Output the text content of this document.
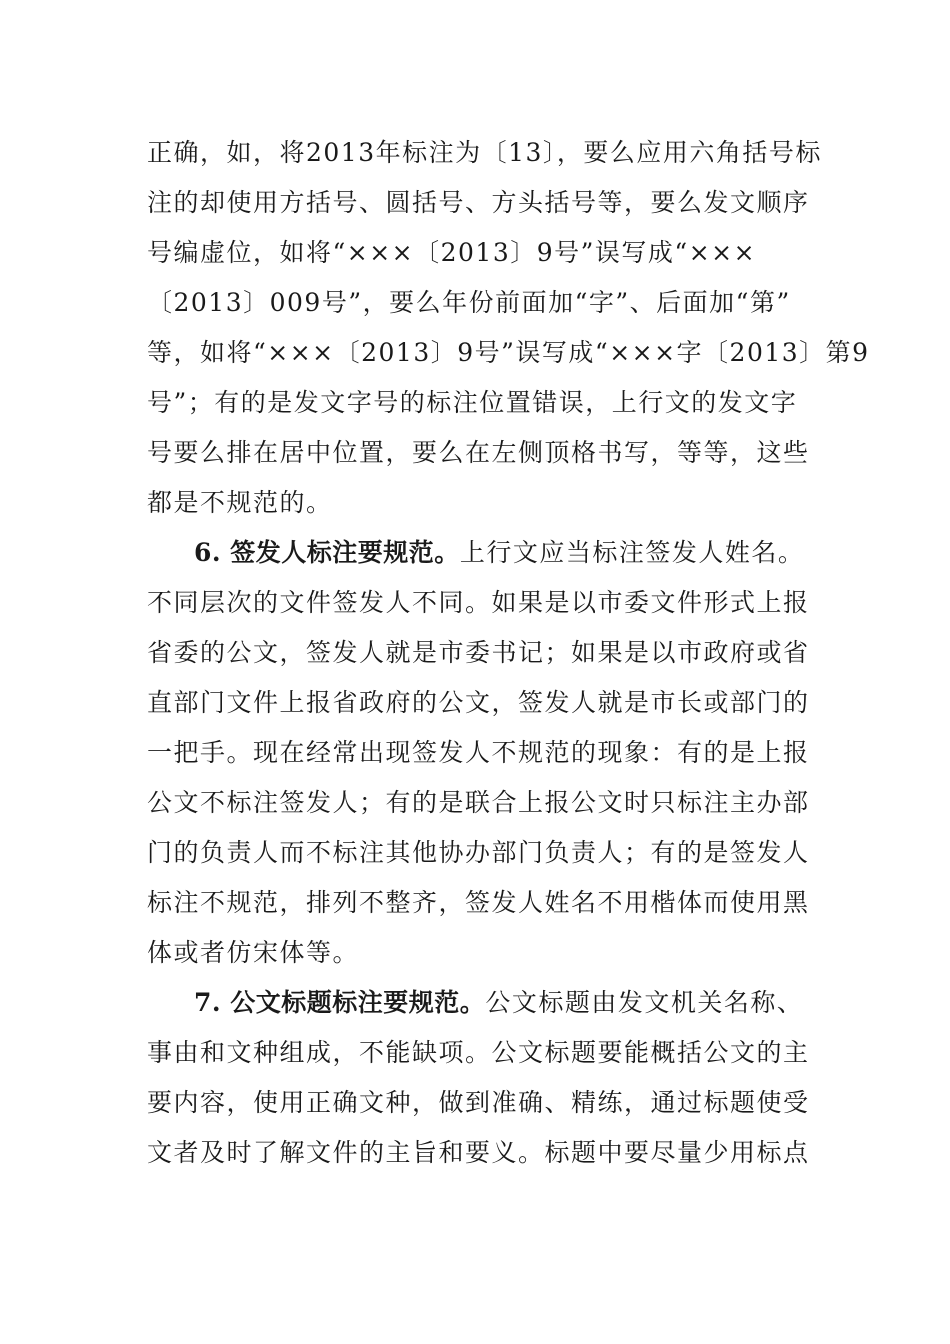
正确，如，将2013年标注为〔13〕，要么应用六角括号标
注的却使用方括号、圆括号、方头括号等，要么发文顺序
号编虚位，如将“×××〔2013〕9号”误写成“×××
〔2013〕009号”，要么年份前面加“字”、后面加“第”
等，如将“×××〔2013〕9号”误写成“×××字〔2013〕第9
号”；有的是发文字号的标注位置错误，上行文的发文字
号要么排在居中位置，要么在左侧顶格书写，等等，这些
都是不规范的。
6. 签发人标注要规范。上行文应当标注签发人姓名。
不同层次的文件签发人不同。如果是以市委文件形式上报
省委的公文，签发人就是市委书记；如果是以市政府或省
直部门文件上报省政府的公文，签发人就是市长或部门的
一把手。现在经常出现签发人不规范的现象：有的是上报
公文不标注签发人；有的是联合上报公文时只标注主办部
门的负责人而不标注其他协办部门负责人；有的是签发人
标注不规范，排列不整齐，签发人姓名不用楷体而使用黑
体或者仿宋体等。
7. 公文标题标注要规范。公文标题由发文机关名称、
事由和文种组成，不能缺项。公文标题要能概括公文的主
要内容，使用正确文种，做到准确、精练，通过标题使受
文者及时了解文件的主旨和要义。标题中要尽量少用标点
